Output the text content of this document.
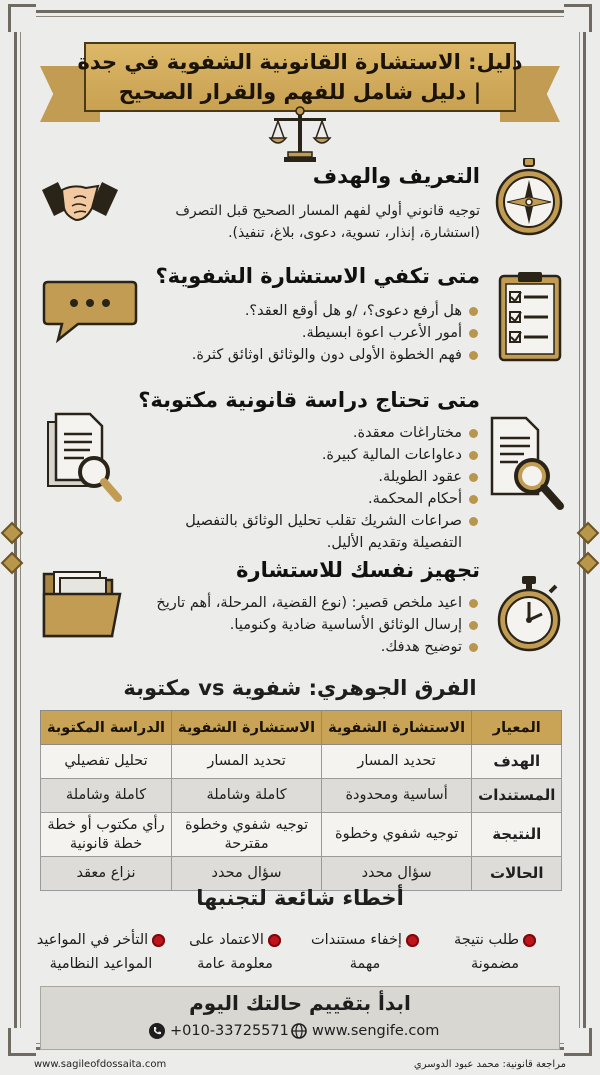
دليل: الاستشارة القانونية الشفوية في جدة
| دليل شامل للفهم والقرار الصحيح
التعريف والهدف
توجيه قانوني أولي لفهم المسار الصحيح قبل التصرف
(استشارة، إنذار، تسوية، دعوى، بلاغ، تنفيذ).
متى تكفي الاستشارة الشفوية؟
هل أرفع دعوى؟، /و هل أوقع العقد؟.
أمور الأعرب اعوة ابسيطة.
فهم الخطوة الأولى دون والوثائق اوثائق كثرة.
متى تحتاج دراسة قانونية مكتوبة؟
مختاراغات معقدة.
دعاواعات المالية كبيرة.
عقود الطويلة.
أحكام المحكمة.
صراعات الشريك تقلب تحليل الوثائق بالتفصيل
التفصيلة وتقديم الأليل.
تجهيز نفسك للاستشارة
اعيد ملخص قصير: (نوع القضية، المرحلة، أهم تاريخ
إرسال الوثائق الأساسية ضادية وكنوميا.
توضيح هدفك.
الفرق الجوهري: شفوية vs مكتوبة
المعيار	الاستشارة الشفوية	الاستشارة الشفوية	الدراسة المكتوبة
الهدف	تحديد المسار	تحديد المسار	تحليل تفصيلي
المستندات	أساسية ومحدودة	كاملة وشاملة	كاملة وشاملة
النتيجة	توجيه شفوي وخطوة	توجيه شفوي وخطوة مقترحة	رأي مكتوب أو خطة خطة قانونية
الحالات	سؤال محدد	سؤال محدد	نزاع معقد
أخطاء شائعة لتجنبها
طلب نتيجة
مضمونة
إخفاء مستندات
مهمة
الاعتماد على
معلومة عامة
التأخر في المواعيد
المواعيد النظامية
ابدأ بتقييم حالتك اليوم
+010-33725571 www.sengife.com
www.sagileofdossaita.com	مراجعة قانونية: محمد عبود الدوسري
